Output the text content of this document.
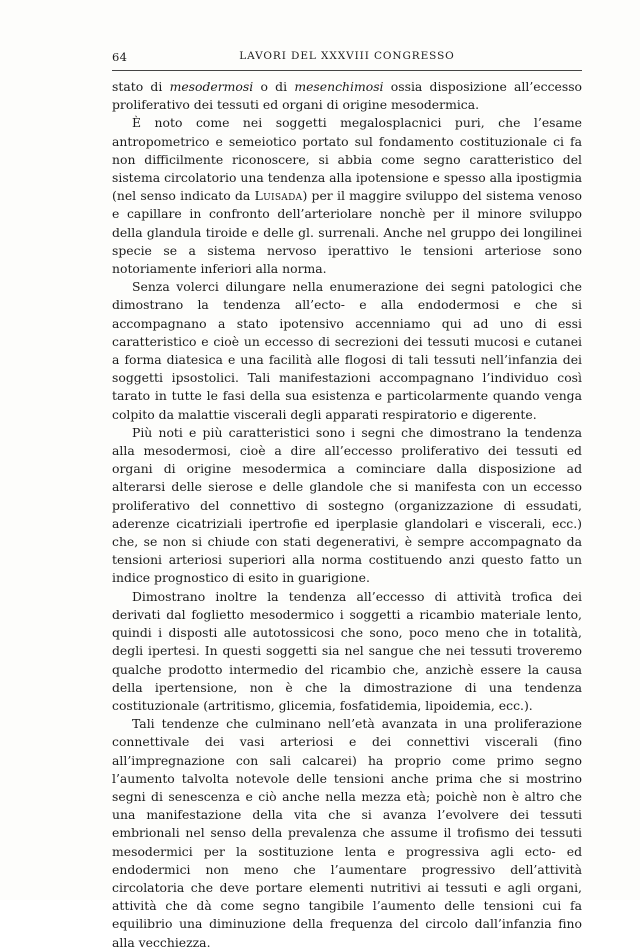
64	LAVORI DEL XXXVIII CONGRESSO

stato di mesodermosi o di mesenchimosi ossia disposizione all’eccesso proliferativo dei tessuti ed organi di origine mesodermica.

È noto come nei soggetti megalosplacnici puri, che l’esame antropometrico e semeiotico portato sul fondamento costituzionale ci fa non difficilmente riconoscere, si abbia come segno caratteristico del sistema circolatorio una tendenza alla ipotensione e spesso alla ipostigmia (nel senso indicato da Luisada) per il maggire sviluppo del sistema venoso e capillare in confronto dell’arteriolare nonchè per il minore sviluppo della glandula tiroide e delle gl. surrenali. Anche nel gruppo dei longilinei specie se a sistema nervoso iperattivo le tensioni arteriose sono notoriamente inferiori alla norma.

Senza volerci dilungare nella enumerazione dei segni patologici che dimostrano la tendenza all’ecto- e alla endodermosi e che si accompagnano a stato ipotensivo accenniamo qui ad uno di essi caratteristico e cioè un eccesso di secrezioni dei tessuti mucosi e cutanei a forma diatesica e una facilità alle flogosi di tali tessuti nell’infanzia dei soggetti ipsostolici. Tali manifestazioni accompagnano l’individuo così tarato in tutte le fasi della sua esistenza e particolarmente quando venga colpito da malattie viscerali degli apparati respiratorio e digerente.

Più noti e più caratteristici sono i segni che dimostrano la tendenza alla mesodermosi, cioè a dire all’eccesso proliferativo dei tessuti ed organi di origine mesodermica a cominciare dalla disposizione ad alterarsi delle sierose e delle glandole che si manifesta con un eccesso proliferativo del connettivo di sostegno (organizzazione di essudati, aderenze cicatriziali ipertrofie ed iperplasie glandolari e viscerali, ecc.) che, se non si chiude con stati degenerativi, è sempre accompagnato da tensioni arteriosi superiori alla norma costituendo anzi questo fatto un indice prognostico di esito in guarigione.

Dimostrano inoltre la tendenza all’eccesso di attività trofica dei derivati dal foglietto mesodermico i soggetti a ricambio materiale lento, quindi i disposti alle autotossicosi che sono, poco meno che in totalità, degli ipertesi. In questi soggetti sia nel sangue che nei tessuti troveremo qualche prodotto intermedio del ricambio che, anzichè essere la causa della ipertensione, non è che la dimostrazione di una tendenza costituzionale (artritismo, glicemia, fosfatidemia, lipoidemia, ecc.).

Tali tendenze che culminano nell’età avanzata in una proliferazione connettivale dei vasi arteriosi e dei connettivi viscerali (fino all’impregnazione con sali calcarei) ha proprio come primo segno l’aumento talvolta notevole delle tensioni anche prima che si mostrino segni di senescenza e ciò anche nella mezza età; poichè non è altro che una manifestazione della vita che si avanza l’evolvere dei tessuti embrionali nel senso della prevalenza che assume il trofismo dei tessuti mesodermici per la sostituzione lenta e progressiva agli ecto- ed endodermici non meno che l’aumentare progressivo dell’attività circolatoria che deve portare elementi nutritivi ai tessuti e agli organi, attività che dà come segno tangibile l’aumento delle tensioni cui fa equilibrio una diminuzione della frequenza del circolo dall’infanzia fino alla vecchiezza.
